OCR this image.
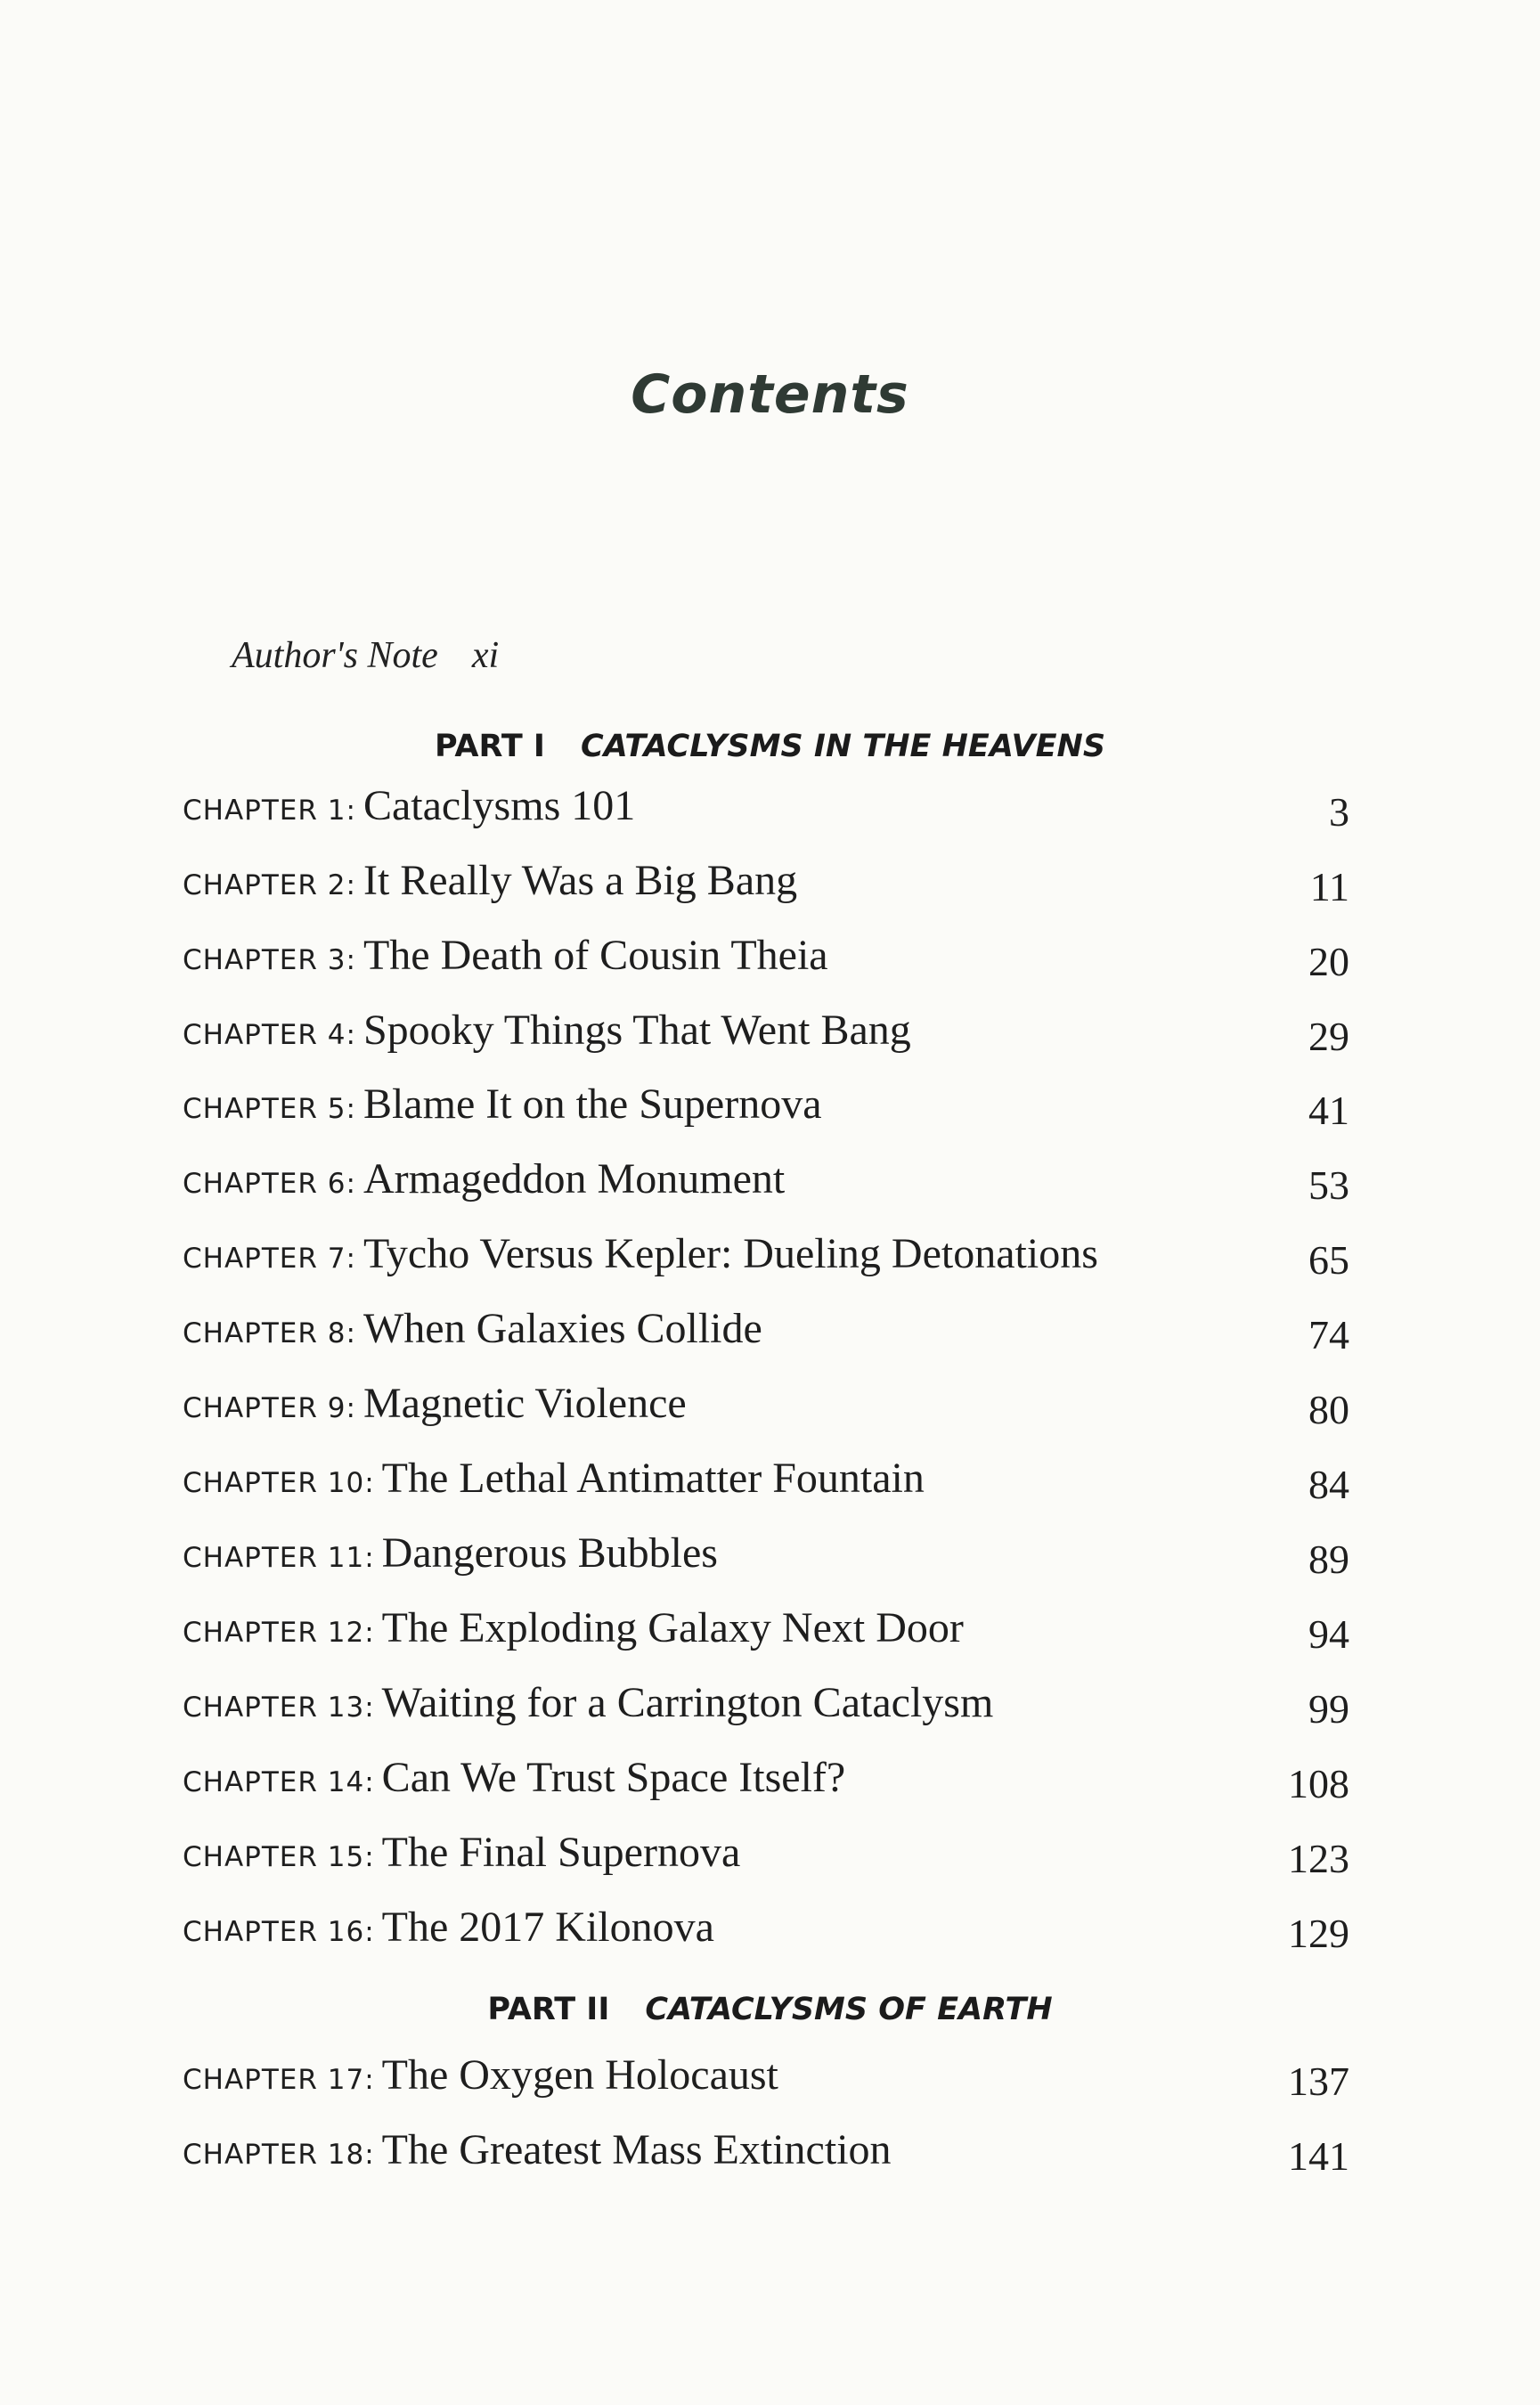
Contents
Author's Note xi
PART I CATACLYSMS IN THE HEAVENS
CHAPTER 1: Cataclysms 101	3
CHAPTER 2: It Really Was a Big Bang	11
CHAPTER 3: The Death of Cousin Theia	20
CHAPTER 4: Spooky Things That Went Bang	29
CHAPTER 5: Blame It on the Supernova	41
CHAPTER 6: Armageddon Monument	53
CHAPTER 7: Tycho Versus Kepler: Dueling Detonations	65
CHAPTER 8: When Galaxies Collide	74
CHAPTER 9: Magnetic Violence	80
CHAPTER 10: The Lethal Antimatter Fountain	84
CHAPTER 11: Dangerous Bubbles	89
CHAPTER 12: The Exploding Galaxy Next Door	94
CHAPTER 13: Waiting for a Carrington Cataclysm	99
CHAPTER 14: Can We Trust Space Itself?	108
CHAPTER 15: The Final Supernova	123
CHAPTER 16: The 2017 Kilonova	129
PART II CATACLYSMS OF EARTH
CHAPTER 17: The Oxygen Holocaust	137
CHAPTER 18: The Greatest Mass Extinction	141
